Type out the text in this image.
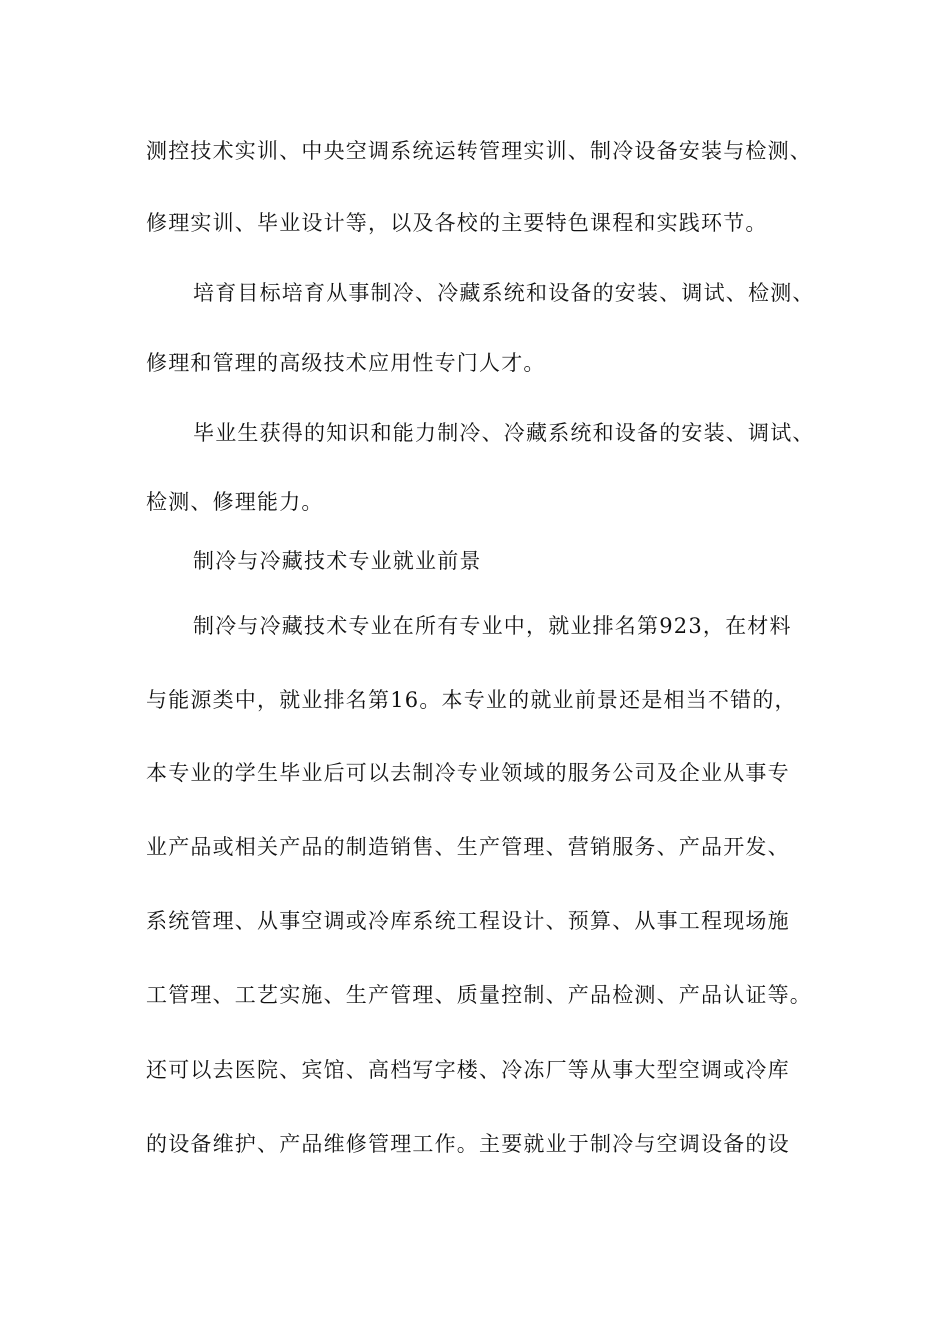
测控技术实训、中央空调系统运转管理实训、制冷设备安装与检测、
修理实训、毕业设计等，以及各校的主要特色课程和实践环节。
培育目标培育从事制冷、冷藏系统和设备的安装、调试、检测、
修理和管理的高级技术应用性专门人才。
毕业生获得的知识和能力制冷、冷藏系统和设备的安装、调试、
检测、修理能力。
制冷与冷藏技术专业就业前景
制冷与冷藏技术专业在所有专业中，就业排名第923，在材料
与能源类中，就业排名第16。本专业的就业前景还是相当不错的，
本专业的学生毕业后可以去制冷专业领域的服务公司及企业从事专
业产品或相关产品的制造销售、生产管理、营销服务、产品开发、
系统管理、从事空调或冷库系统工程设计、预算、从事工程现场施
工管理、工艺实施、生产管理、质量控制、产品检测、产品认证等。
还可以去医院、宾馆、高档写字楼、冷冻厂等从事大型空调或冷库
的设备维护、产品维修管理工作。主要就业于制冷与空调设备的设
